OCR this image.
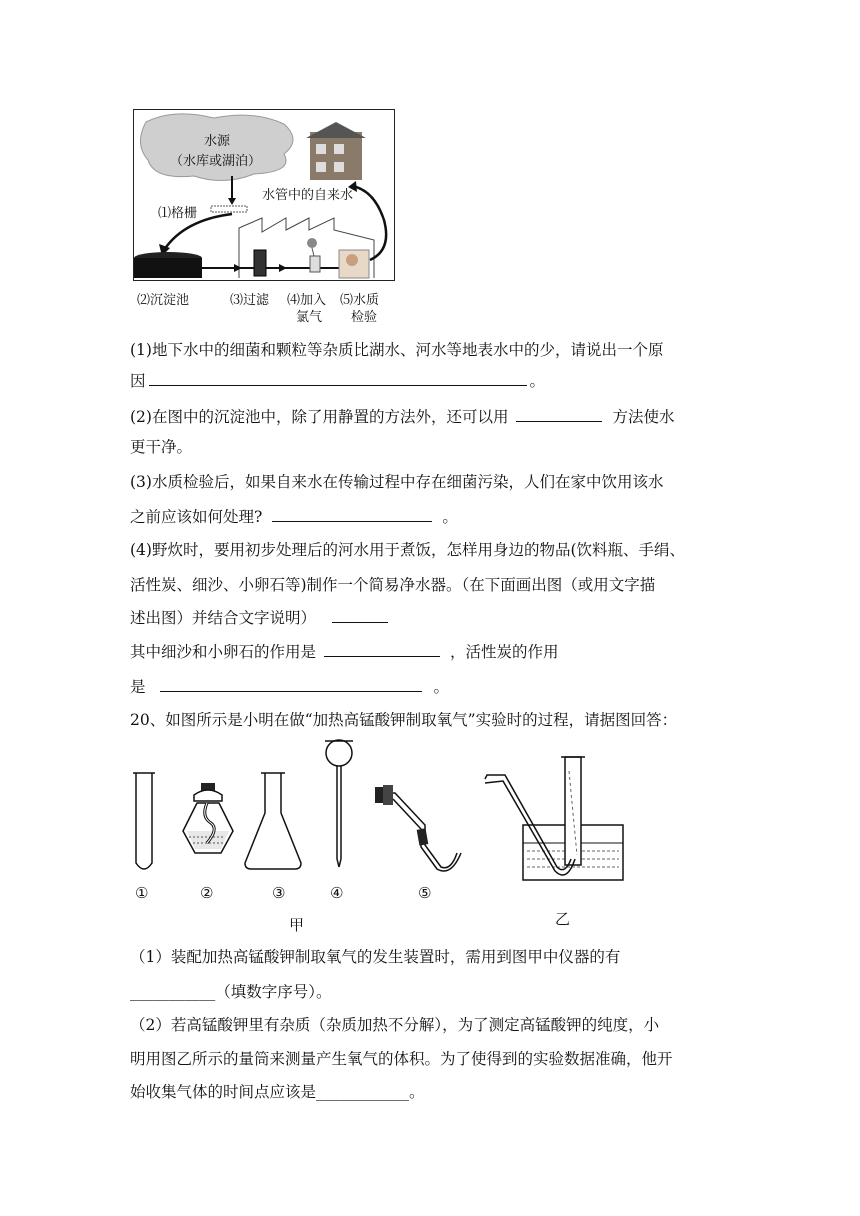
水源
（水库或湖泊）
水管中的自来水
⑴格栅
⑵沉淀池	⑶过滤 ⑷加入
氯气
⑸水质
检验
(1)地下水中的细菌和颗粒等杂质比湖水、河水等地表水中的少，请说出一个原
因	。
(2)在图中的沉淀池中，除了用静置的方法外，还可以用	方法使水
更干净。
(3)水质检验后，如果自来水在传输过程中存在细菌污染，人们在家中饮用该水
之前应该如何处理?	。
(4)野炊时，要用初步处理后的河水用于煮饭，怎样用身边的物品(饮料瓶、手绢、
活性炭、细沙、小卵石等)制作一个简易净水器。（在下面画出图（或用文字描
述出图）并结合文字说明）
其中细沙和小卵石的作用是	，活性炭的作用
是	。
20、如图所示是小明在做“加热高锰酸钾制取氧气”实验时的过程，请据图回答：
①	②	③	④	⑤
甲	乙
（1）装配加热高锰酸钾制取氧气的发生装置时，需用到图甲中仪器的有
___________（填数字序号）。
（2）若高锰酸钾里有杂质（杂质加热不分解），为了测定高锰酸钾的纯度，小
明用图乙所示的量筒来测量产生氧气的体积。为了使得到的实验数据准确，他开
始收集气体的时间点应该是____________。
